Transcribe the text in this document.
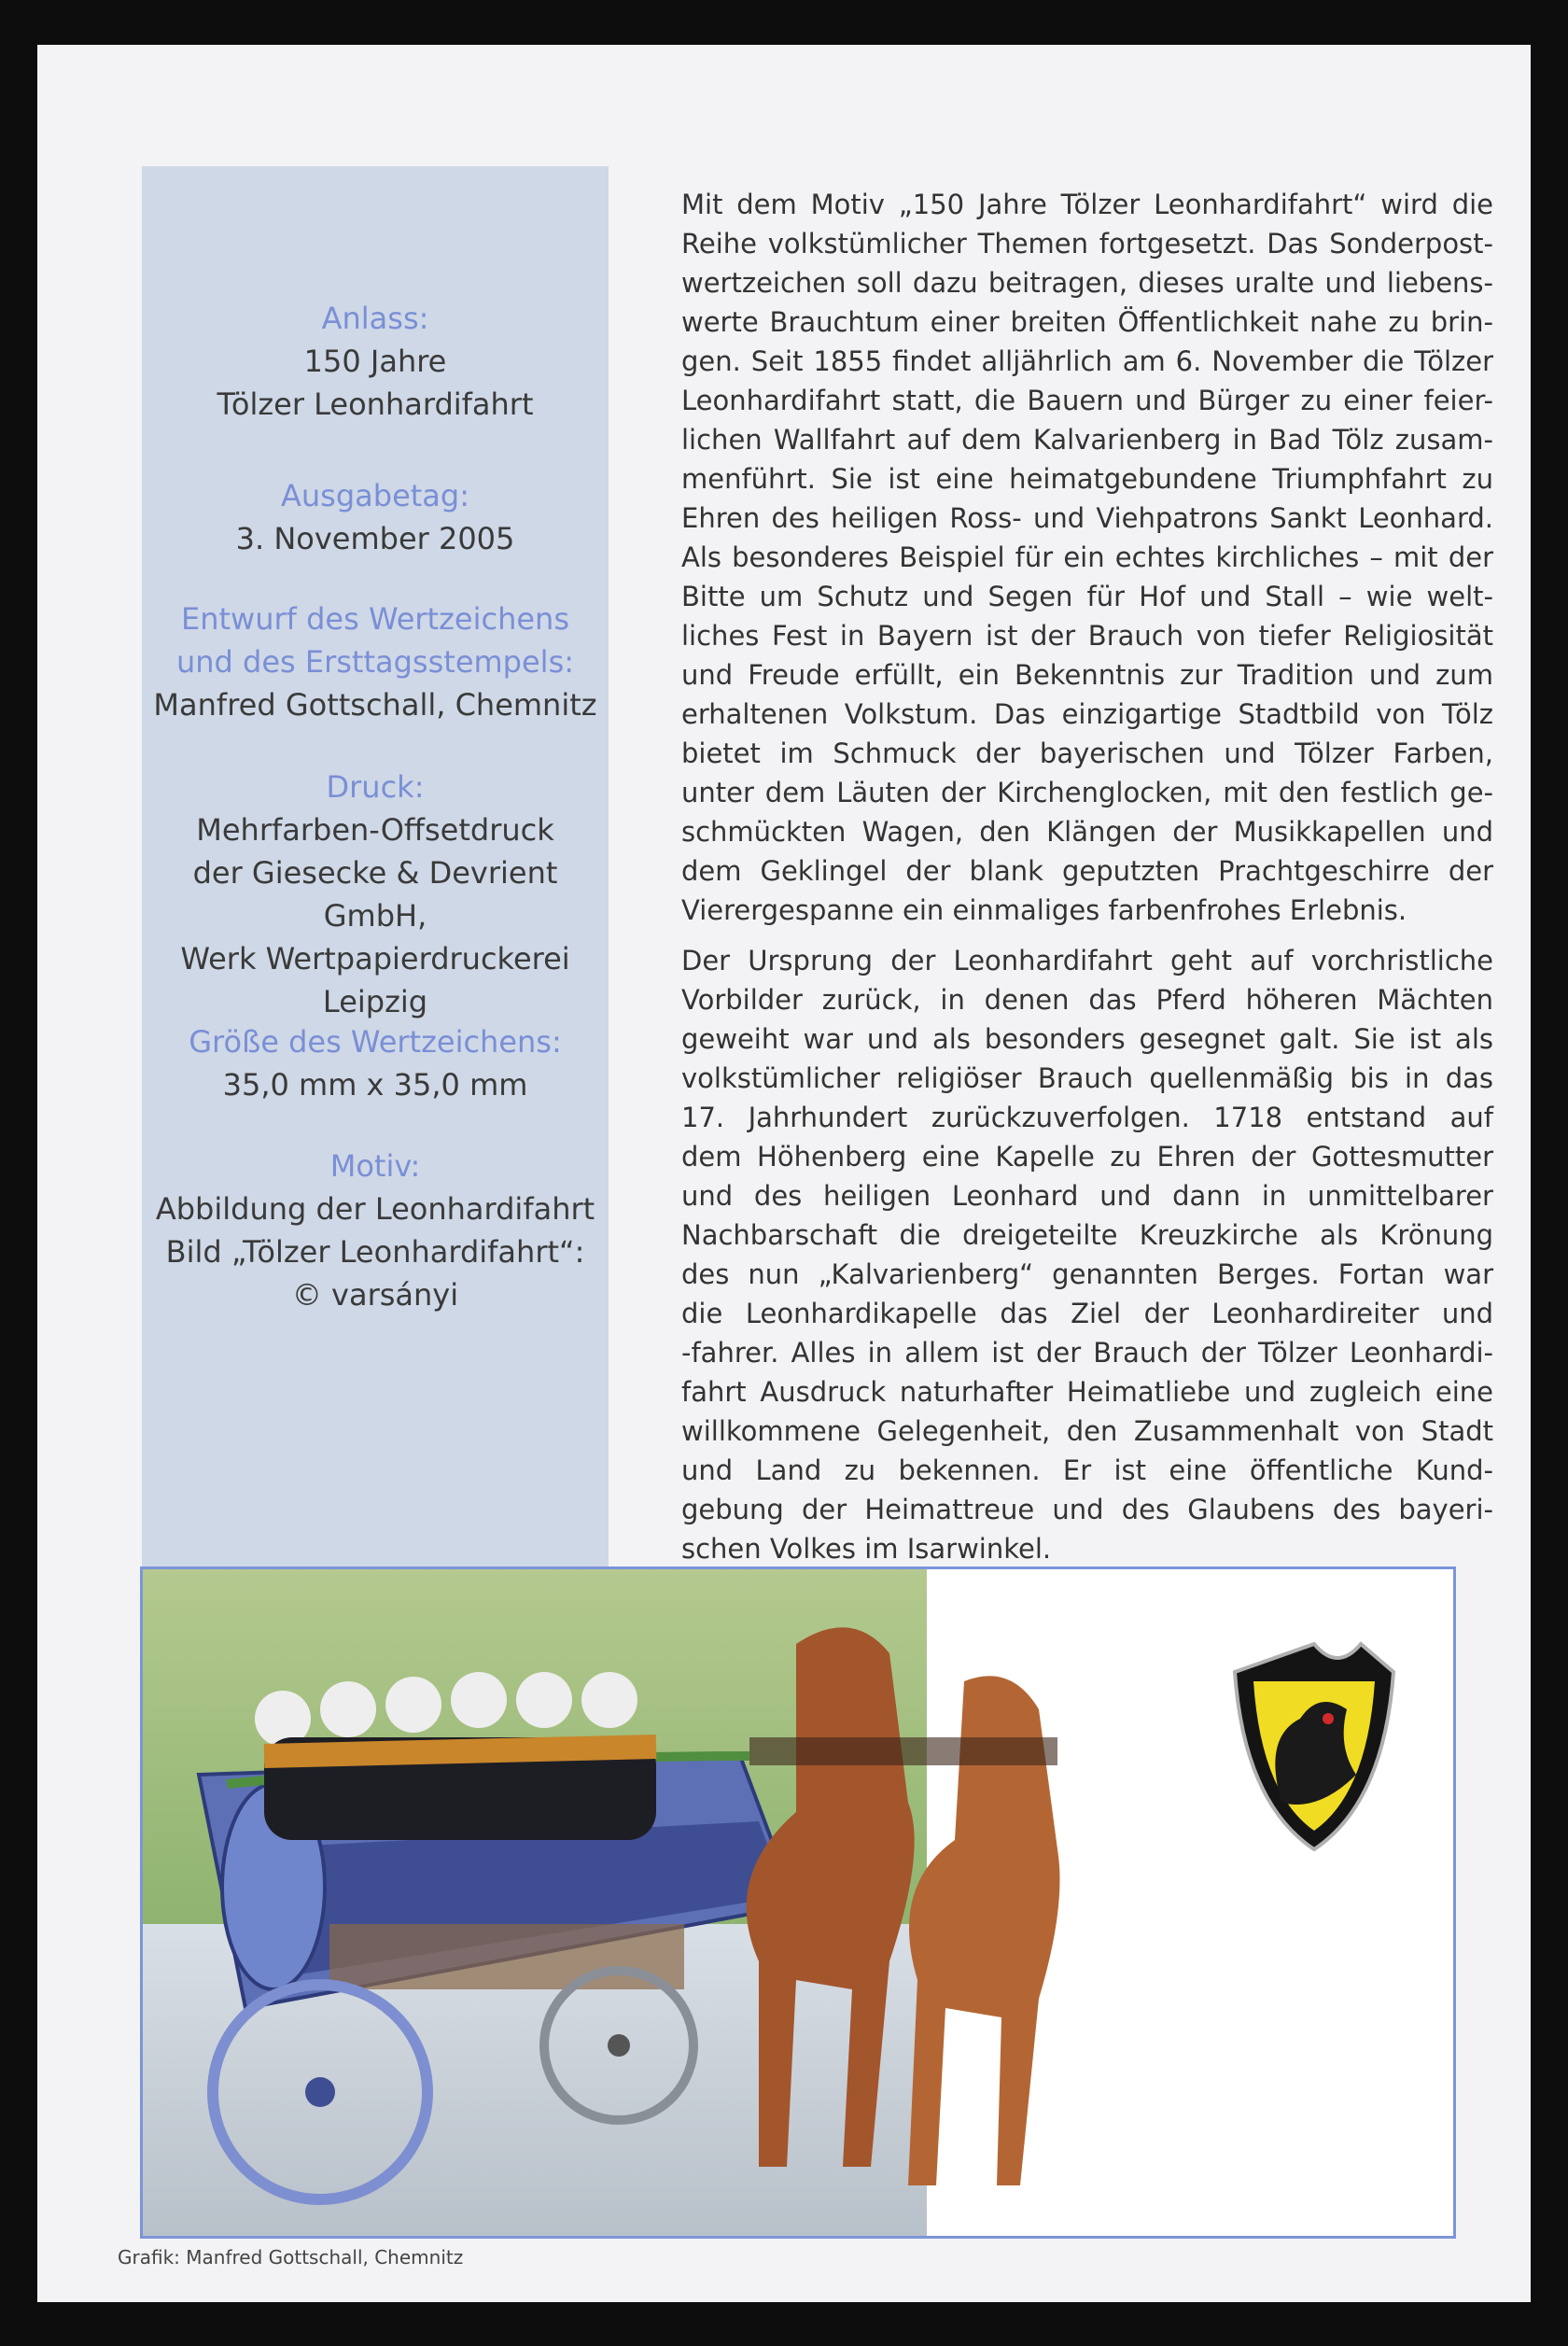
Anlass:
150 Jahre
Tölzer Leonhardifahrt
Ausgabetag:
3. November 2005
Entwurf des Wertzeichens
und des Ersttagsstempels:
Manfred Gottschall, Chemnitz
Druck:
Mehrfarben-Offsetdruck
der Giesecke & Devrient GmbH,
Werk Wertpapierdruckerei
Leipzig
Größe des Wertzeichens:
35,0 mm x 35,0 mm
Motiv:
Abbildung der Leonhardifahrt
Bild „Tölzer Leonhardifahrt“:
© varsányi

Mit dem Motiv „150 Jahre Tölzer Leonhardifahrt“ wird die
Reihe volkstümlicher Themen fortgesetzt. Das Sonderpost-
wertzeichen soll dazu beitragen, dieses uralte und liebens-
werte Brauchtum einer breiten Öffentlichkeit nahe zu brin-
gen. Seit 1855 findet alljährlich am 6. November die Tölzer
Leonhardifahrt statt, die Bauern und Bürger zu einer feier-
lichen Wallfahrt auf dem Kalvarienberg in Bad Tölz zusam-
menführt. Sie ist eine heimatgebundene Triumphfahrt zu
Ehren des heiligen Ross- und Viehpatrons Sankt Leonhard.
Als besonderes Beispiel für ein echtes kirchliches – mit der
Bitte um Schutz und Segen für Hof und Stall – wie welt-
liches Fest in Bayern ist der Brauch von tiefer Religiosität
und Freude erfüllt, ein Bekenntnis zur Tradition und zum
erhaltenen Volkstum. Das einzigartige Stadtbild von Tölz
bietet im Schmuck der bayerischen und Tölzer Farben,
unter dem Läuten der Kirchenglocken, mit den festlich ge-
schmückten Wagen, den Klängen der Musikkapellen und
dem Geklingel der blank geputzten Prachtgeschirre der
Vierergespanne ein einmaliges farbenfrohes Erlebnis.

Der Ursprung der Leonhardifahrt geht auf vorchristliche
Vorbilder zurück, in denen das Pferd höheren Mächten
geweiht war und als besonders gesegnet galt. Sie ist als
volkstümlicher religiöser Brauch quellenmäßig bis in das
17. Jahrhundert zurückzuverfolgen. 1718 entstand auf
dem Höhenberg eine Kapelle zu Ehren der Gottesmutter
und des heiligen Leonhard und dann in unmittelbarer
Nachbarschaft die dreigeteilte Kreuzkirche als Krönung
des nun „Kalvarienberg“ genannten Berges. Fortan war
die Leonhardikapelle das Ziel der Leonhardireiter und
-fahrer. Alles in allem ist der Brauch der Tölzer Leonhardi-
fahrt Ausdruck naturhafter Heimatliebe und zugleich eine
willkommene Gelegenheit, den Zusammenhalt von Stadt
und Land zu bekennen. Er ist eine öffentliche Kund-
gebung der Heimattreue und des Glaubens des bayeri-
schen Volkes im Isarwinkel.

Grafik: Manfred Gottschall, Chemnitz
